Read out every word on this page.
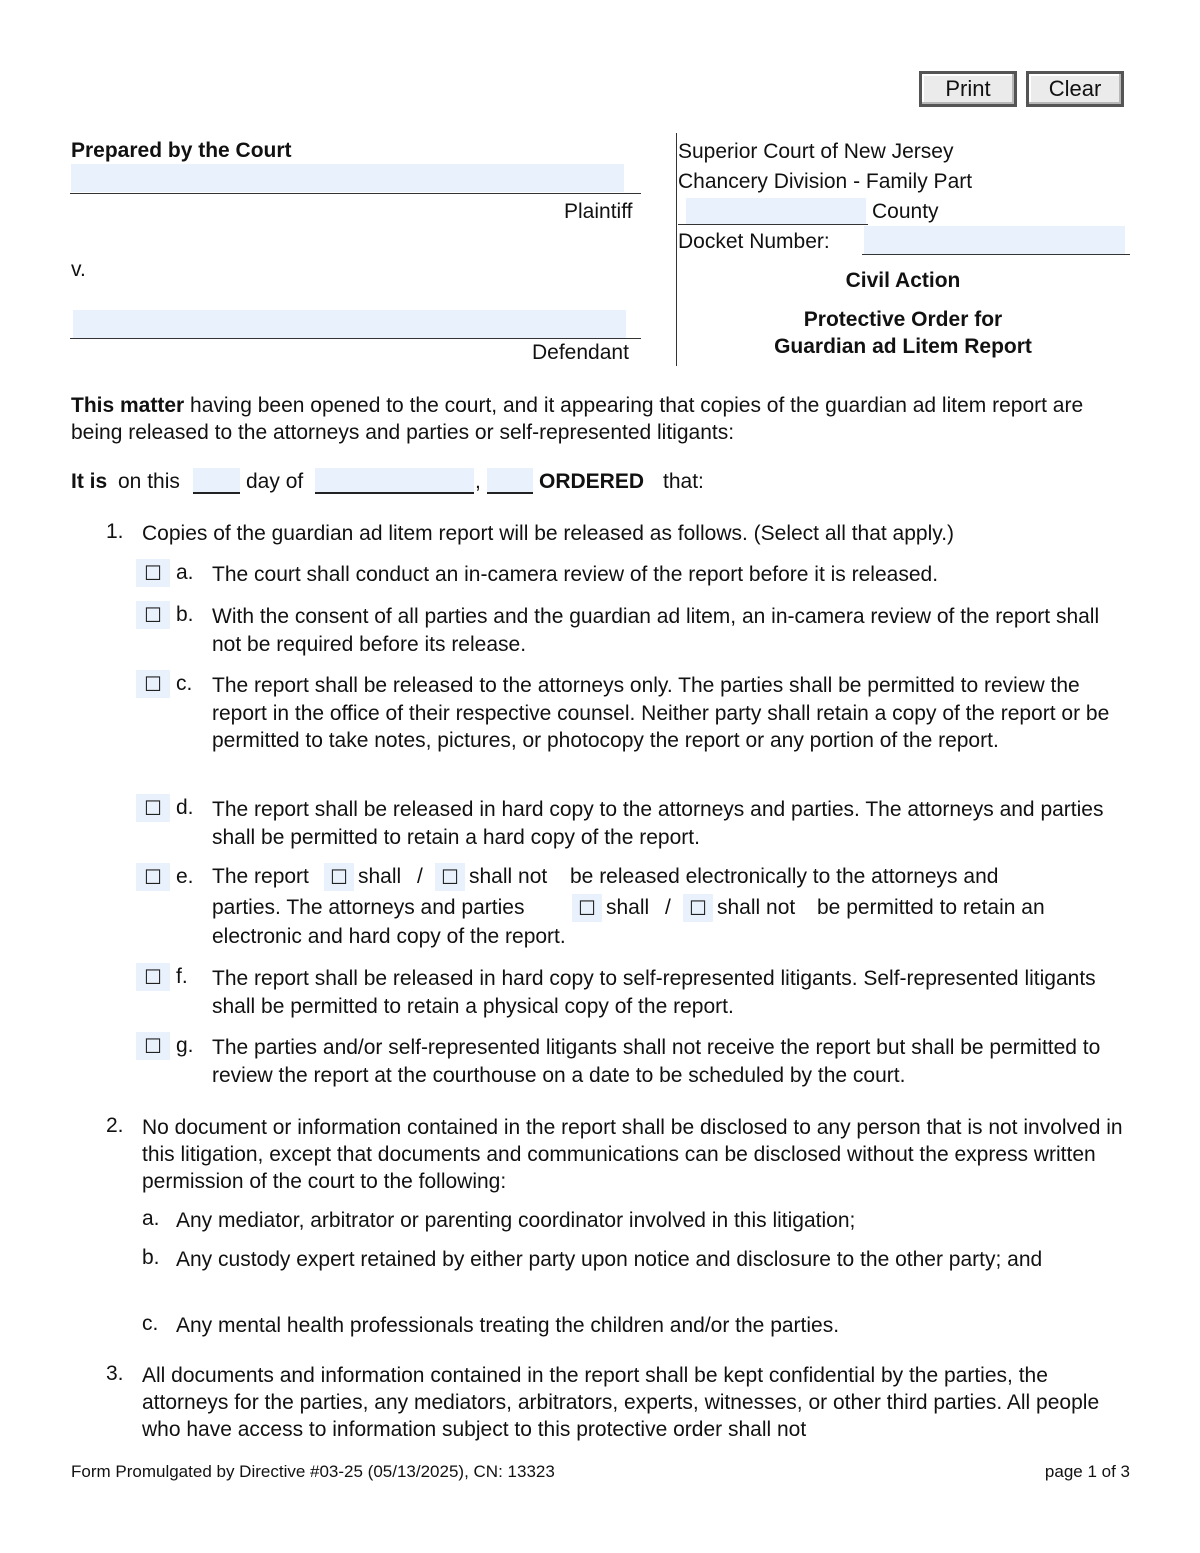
Print	Clear
Prepared by the Court
Plaintiff
v.
Defendant
Superior Court of New Jersey
Chancery Division - Family Part
County
Docket Number:
Civil Action
Protective Order for
Guardian ad Litem Report
This matter having been opened to the court, and it appearing that copies of the guardian ad litem report are being released to the attorneys and parties or self-represented litigants:
It is on this	day of	,	ORDERED that:
1. Copies of the guardian ad litem report will be released as follows. (Select all that apply.)
☐ a. The court shall conduct an in-camera review of the report before it is released.
☐ b. With the consent of all parties and the guardian ad litem, an in-camera review of the report shall not be required before its release.
☐ c. The report shall be released to the attorneys only. The parties shall be permitted to review the report in the office of their respective counsel. Neither party shall retain a copy of the report or be permitted to take notes, pictures, or photocopy the report or any portion of the report.
☐ d. The report shall be released in hard copy to the attorneys and parties. The attorneys and parties shall be permitted to retain a hard copy of the report.
☐ e. The report	☐ shall / ☐ shall not be released electronically to the attorneys and
parties. The attorneys and parties	☐ shall / ☐ shall not be permitted to retain an
electronic and hard copy of the report.
☐ f. The report shall be released in hard copy to self-represented litigants. Self-represented litigants shall be permitted to retain a physical copy of the report.
☐ g. The parties and/or self-represented litigants shall not receive the report but shall be permitted to review the report at the courthouse on a date to be scheduled by the court.
2. No document or information contained in the report shall be disclosed to any person that is not involved in this litigation, except that documents and communications can be disclosed without the express written permission of the court to the following:
a. Any mediator, arbitrator or parenting coordinator involved in this litigation;
b. Any custody expert retained by either party upon notice and disclosure to the other party; and
c. Any mental health professionals treating the children and/or the parties.
3. All documents and information contained in the report shall be kept confidential by the parties, the attorneys for the parties, any mediators, arbitrators, experts, witnesses, or other third parties. All people who have access to information subject to this protective order shall not
Form Promulgated by Directive #03-25 (05/13/2025), CN: 13323	page 1 of 3
